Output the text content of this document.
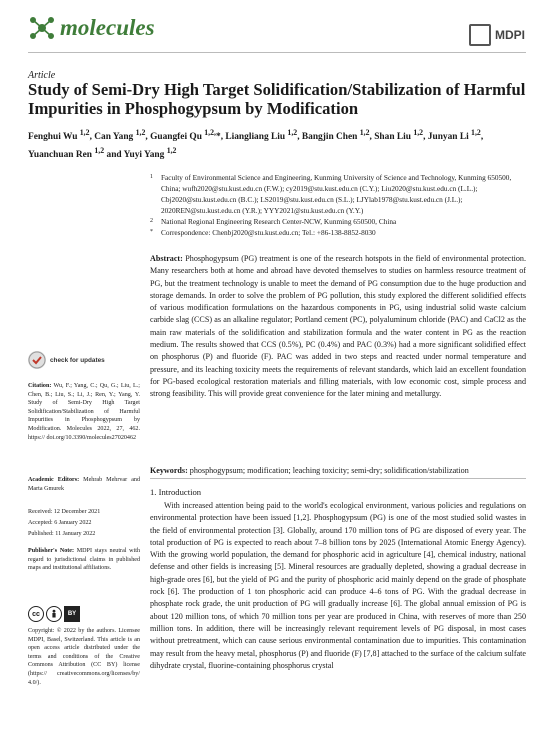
molecules	MDPI
Article
Study of Semi-Dry High Target Solidification/Stabilization of Harmful Impurities in Phosphogypsum by Modification
Fenghui Wu $^{1,2}$, Can Yang $^{1,2}$, Guangfei Qu $^{1,2,}$*, Liangliang Liu $^{1,2}$, Bangjin Chen $^{1,2}$, Shan Liu $^{1,2}$, Junyan Li $^{1,2}$,
Yuanchuan Ren $^{1,2}$ and Yuyi Yang $^{1,2}$
1	Faculty of Environmental Science and Engineering, Kunming University of Science and Technology, Kunming 650500, China; wufh2020@stu.kust.edu.cn (F.W.); cy2019@stu.kust.edu.cn (C.Y.); Liu2020@stu.kust.edu.cn (L.L.); Cbj2020@stu.kust.edu.cn (B.C.); LS2019@stu.kust.edu.cn (S.L.); LJYlab1978@stu.kust.edu.cn (J.L.); 2020REN@stu.kust.edu.cn (Y.R.); YYY2021@stu.kust.edu.cn (Y.Y.)
2	National Regional Engineering Research Center-NCW, Kunming 650500, China
*	Correspondence: Chenbj2020@stu.kust.edu.cn; Tel.: +86-138-8852-8030
Abstract: Phosphogypsum (PG) treatment is one of the research hotspots in the field of environmental protection. Many researchers both at home and abroad have devoted themselves to studies on harmless resource treatment of PG, but the treatment technology is unable to meet the demand of PG consumption due to the huge production and storage demands. In order to solve the problem of PG pollution, this study explored the different solidified effects of various modification formulations on the hazardous components in PG, using industrial solid waste calcium carbide slag (CCS) as an alkaline regulator; Portland cement (PC), polyaluminum chloride (PAC) and CaCl2 as the main raw materials of the solidification and stabilization formula and the water content in PG as the reaction medium. The results showed that CCS (0.5%), PC (0.4%) and PAC (0.3%) had a more significant solidified effect on phosphorus (P) and fluoride (F). PAC was added in two steps and reacted under normal temperature and pressure, and its leaching toxicity meets the requirements of relevant standards, which laid an excellent foundation for PG-based ecological restoration materials and filling materials, with low economic cost, simple process and strong feasibility. This will provide great convenience for the later mining and metallurgy.
Keywords: phosphogypsum; modification; leaching toxicity; semi-dry; solidification/stabilization
1. Introduction

With increased attention being paid to the world's ecological environment, various policies and regulations on environmental protection have been issued [1,2]. Phosphogypsum (PG) is one of the most studied solid wastes in the field of environmental protection [3]. Globally, around 170 million tons of PG are disposed of every year. The total production of PG is expected to reach about 7–8 billion tons by 2025 (International Atomic Energy Agency). With the growing world population, the demand for phosphoric acid in agriculture [4], chemical industry, national defense and other fields is increasing [5]. Mineral resources are gradually depleted, showing a gradual decrease in high-grade ores [6], but the yield of PG and the purity of phosphoric acid mainly depend on the grade of phosphate rock [6]. The production of 1 ton phosphoric acid can produce 4–6 tons of PG. With the gradual decrease in phosphate rock grade, the unit production of PG will gradually increase [6]. The global annual emission of PG is about 120 million tons, of which 70 million tons per year are produced in China, with reserves of more than 250 million tons. In addition, there will be increasingly relevant requirement levels of PG disposal, in most cases without pretreatment, which can cause serious environmental contamination due to impurities. This contamination may result from the heavy metal, phosphorus (P) and fluoride (F) [7,8] attached to the surface of the calcium sulfate dihydrate crystal, fluorine-containing phosphorus crystal

check for updates
Citation: Wu, F.; Yang, C.; Qu, G.; Liu, L.; Chen, B.; Liu, S.; Li, J.; Ren, Y.; Yang, Y. Study of Semi-Dry High Target Solidification/Stabilization of Harmful Impurities in Phosphogypsum by Modification. Molecules 2022, 27, 462. https:// doi.org/10.3390/molecules27020462
Academic Editors: Mehrab Mehrvar and Marta Gmurek
Received: 12 December 2021
Accepted: 6 January 2022
Published: 11 January 2022
Publisher's Note: MDPI stays neutral with regard to jurisdictional claims in published maps and institutional affiliations.
cc	BY
Copyright: © 2022 by the authors. Licensee MDPI, Basel, Switzerland. This article is an open access article distributed under the terms and conditions of the Creative Commons Attribution (CC BY) license (https:// creativecommons.org/licenses/by/ 4.0/).
